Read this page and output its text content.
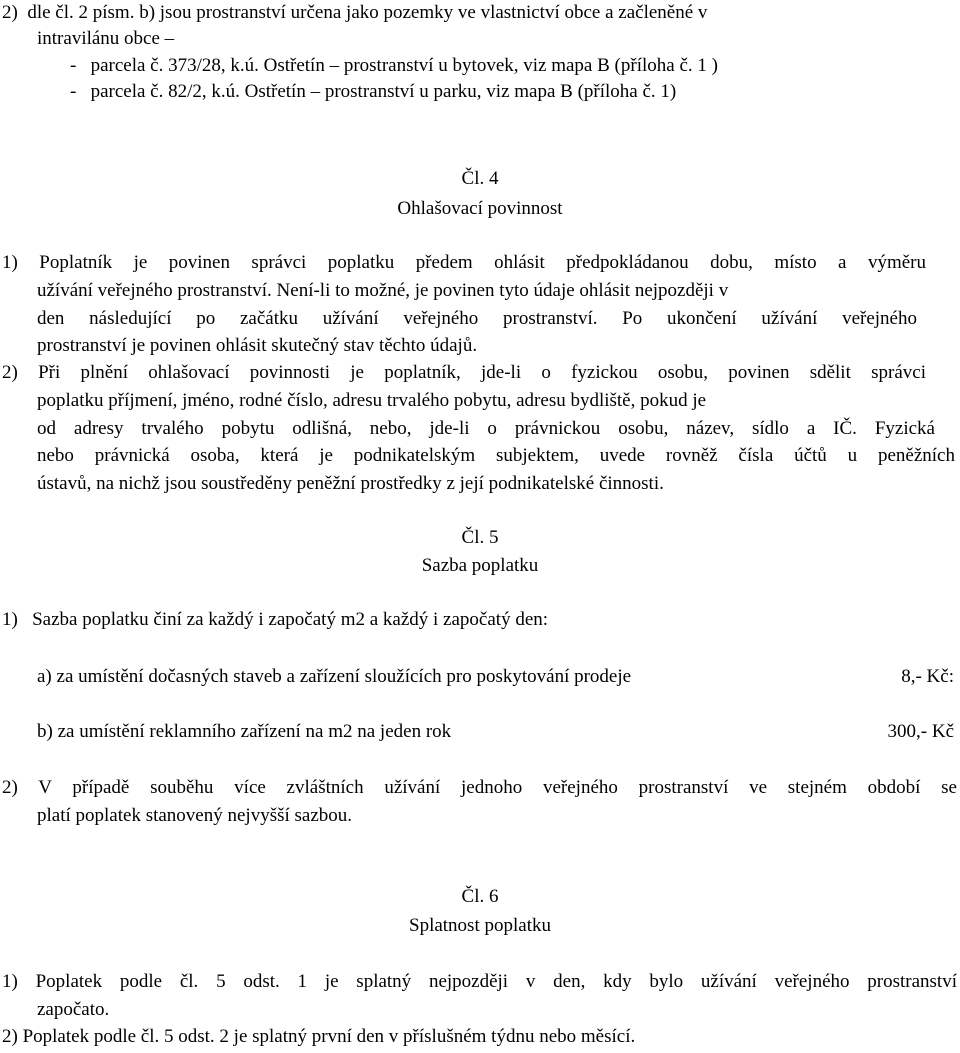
2)  dle čl. 2 písm. b) jsou prostranství určena jako pozemky ve vlastnictví obce a začleněné v
intravilánu obce –
-   parcela č. 373/28, k.ú. Ostřetín – prostranství u bytovek, viz mapa B (příloha č. 1 )
-   parcela č. 82/2, k.ú. Ostřetín – prostranství u parku, viz mapa B (příloha č. 1)
Čl. 4
Ohlašovací povinnost
1) Poplatník je povinen správci poplatku předem ohlásit předpokládanou dobu, místo a výměru
užívání veřejného prostranství. Není-li to možné, je povinen tyto údaje ohlásit nejpozději v
den následující po začátku užívání veřejného prostranství. Po ukončení užívání veřejného
prostranství je povinen ohlásit skutečný stav těchto údajů.
2) Při plnění ohlašovací povinnosti je poplatník, jde-li o fyzickou osobu, povinen sdělit správci
poplatku příjmení, jméno, rodné číslo, adresu trvalého pobytu, adresu bydliště, pokud je
od adresy trvalého pobytu odlišná, nebo, jde-li o právnickou osobu, název, sídlo a IČ. Fyzická
nebo právnická osoba, která je podnikatelským subjektem, uvede rovněž čísla účtů u peněžních
ústavů, na nichž jsou soustředěny peněžní prostředky z její podnikatelské činnosti.
Čl. 5
Sazba poplatku
1)   Sazba poplatku činí za každý i započatý m2 a každý i započatý den:
a) za umístění dočasných staveb a zařízení sloužících pro poskytování prodeje	8,- Kč:
b) za umístění reklamního zařízení na m2 na jeden rok	300,- Kč
2) V případě souběhu více zvláštních užívání jednoho veřejného prostranství ve stejném období se
platí poplatek stanovený nejvyšší sazbou.
Čl. 6
Splatnost poplatku
1) Poplatek podle čl. 5 odst. 1 je splatný nejpozději v den, kdy bylo užívání veřejného prostranství
započato.
2) Poplatek podle čl. 5 odst. 2 je splatný první den v příslušném týdnu nebo měsící.
